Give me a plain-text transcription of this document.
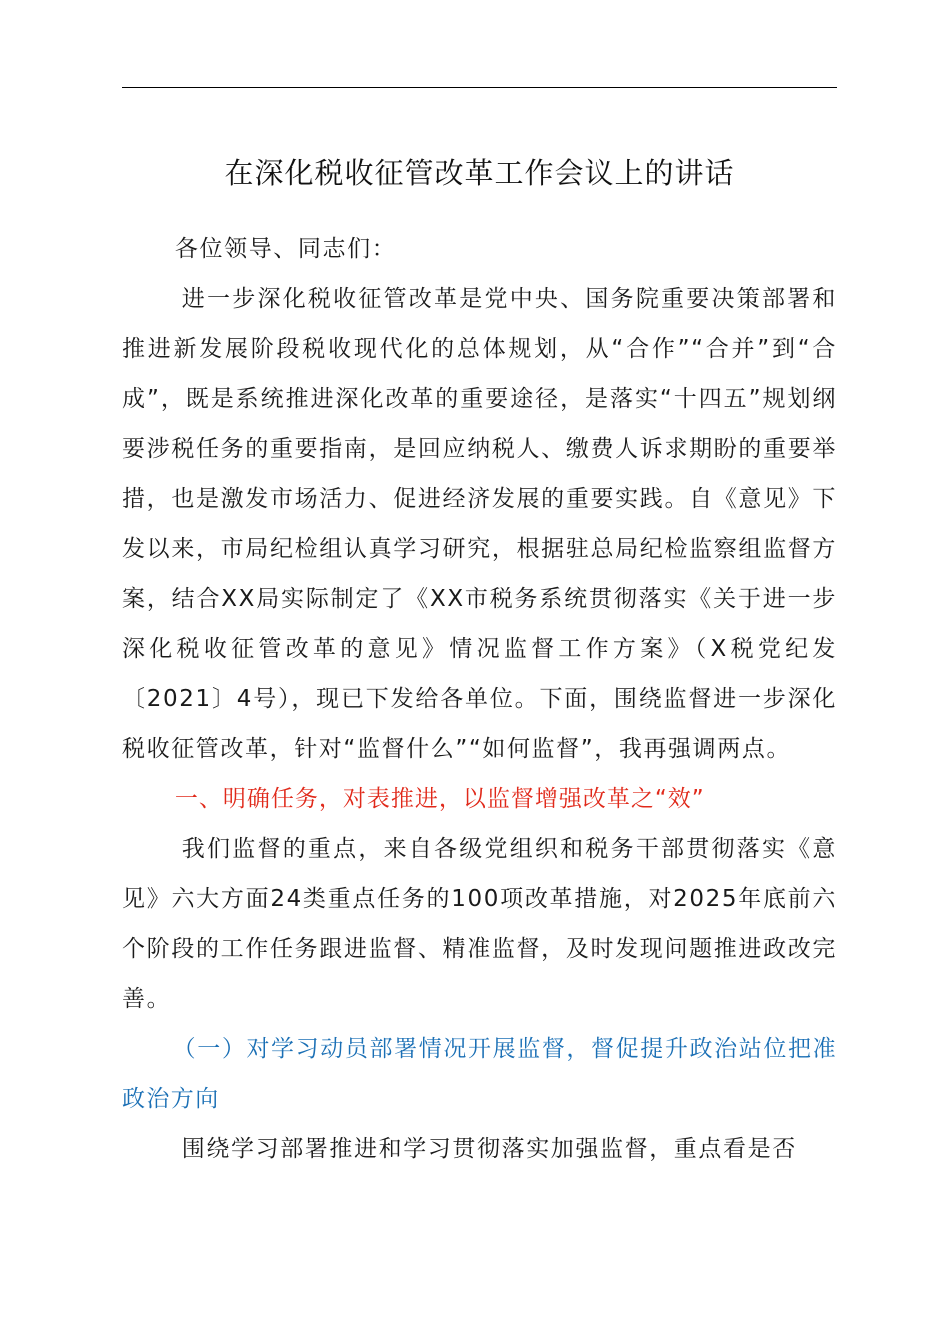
在深化税收征管改革工作会议上的讲话

各位领导、同志们：

进一步深化税收征管改革是党中央、国务院重要决策部署和推进新发展阶段税收现代化的总体规划，从“合作”“合并”到“合成”，既是系统推进深化改革的重要途径，是落实“十四五”规划纲要涉税任务的重要指南，是回应纳税人、缴费人诉求期盼的重要举措，也是激发市场活力、促进经济发展的重要实践。自《意见》下发以来，市局纪检组认真学习研究，根据驻总局纪检监察组监督方案，结合XX局实际制定了《XX市税务系统贯彻落实《关于进一步深化税收征管改革的意见》情况监督工作方案》（X税党纪发〔2021〕4号），现已下发给各单位。下面，围绕监督进一步深化税收征管改革，针对“监督什么”“如何监督”，我再强调两点。

一、明确任务，对表推进，以监督增强改革之“效”

我们监督的重点，来自各级党组织和税务干部贯彻落实《意见》六大方面24类重点任务的100项改革措施，对2025年底前六个阶段的工作任务跟进监督、精准监督，及时发现问题推进政改完善。

（一）对学习动员部署情况开展监督，督促提升政治站位把准政治方向

围绕学习部署推进和学习贯彻落实加强监督，重点看是否
